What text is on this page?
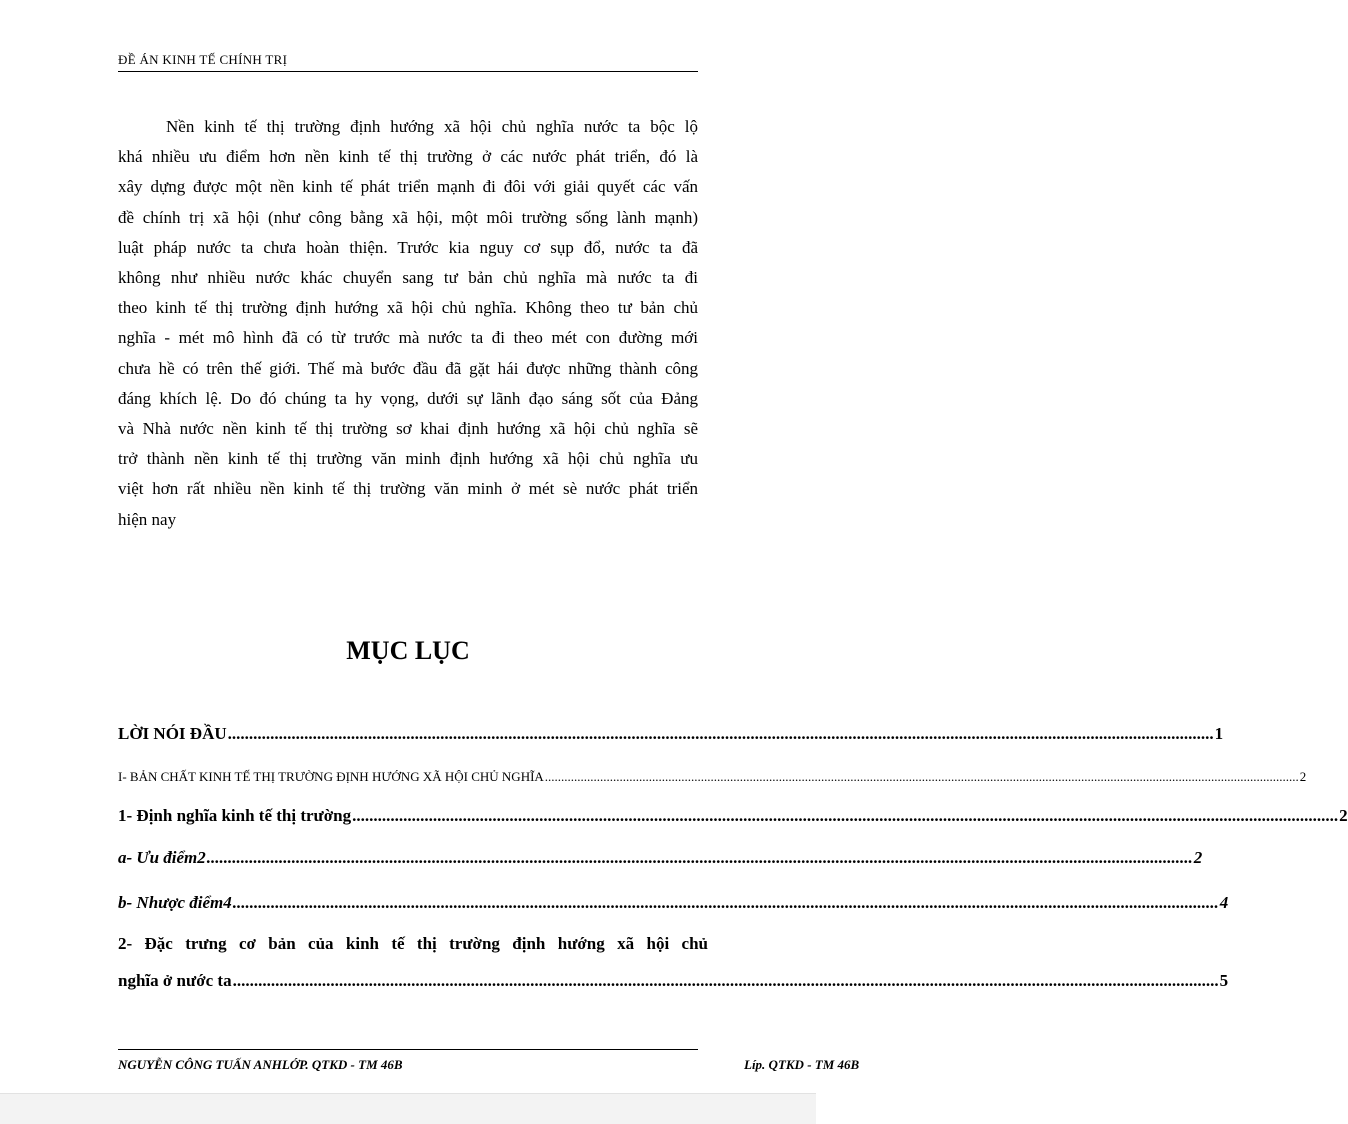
ĐỀ ÁN KINH TẾ CHÍNH TRỊ
Nền kinh tế thị trường định hướng xã hội chủ nghĩa nước ta bộc lộ
khá nhiều ưu điểm hơn nền kinh tế thị trường ở các nước phát triển, đó là
xây dựng được một nền kinh tế phát triển mạnh đi đôi với giải quyết các vấn
đề chính trị xã hội (như công bằng xã hội, một môi trường sống lành mạnh)
luật pháp nước ta chưa hoàn thiện. Trước kia nguy cơ sụp đổ, nước ta đã
không như nhiều nước khác chuyển sang tư bản chủ nghĩa mà nước ta đi
theo kinh tế thị trường định hướng xã hội chủ nghĩa. Không theo tư bản chủ
nghĩa - mét mô hình đã có từ trước mà nước ta đi theo mét con đường mới
chưa hề có trên thế giới. Thế mà bước đầu đã gặt hái được những thành công
đáng khích lệ. Do đó chúng ta hy vọng, dưới sự lãnh đạo sáng sốt của Đảng
và Nhà nước nền kinh tế thị trường sơ khai định hướng xã hội chủ nghĩa sẽ
trở thành nền kinh tế thị trường văn minh định hướng xã hội chủ nghĩa ưu
việt hơn rất nhiều nền kinh tế thị trường văn minh ở mét sè nước phát triển
hiện nay
MỤC LỤC
LỜI NÓI ĐẦU .....	1
I- BẢN CHẤT KINH TẾ THỊ TRƯỜNG ĐỊNH HƯỚNG XÃ HỘI CHỦ NGHĨA .....	2
1- Định nghĩa kinh tế thị trường .....	2
a- Ưu điểm2 .....	2
b- Nhược điểm4 .....	4
2- Đặc trưng cơ bản của kinh tế thị trường định hướng xã hội chủ
nghĩa ở nước ta .....	5
NGUYỄN CÔNG TUẤN ANHLỚP. QTKD - TM 46B	Líp. QTKD - TM 46B
